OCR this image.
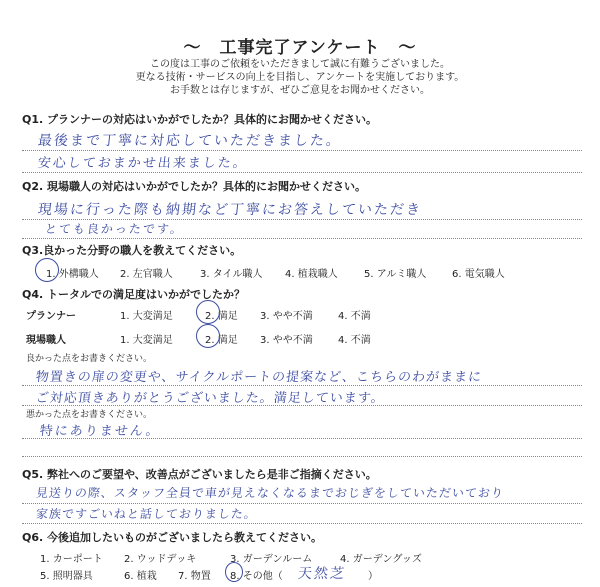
～　工事完了アンケート　～
この度は工事のご依頼をいただきまして誠に有難うございました。
更なる技術・サービスの向上を目指し、アンケートを実施しております。
お手数とは存じますが、ぜひご意見をお聞かせください。
Q1. プランナーの対応はいかがでしたか？具体的にお聞かせください。
最後まで丁寧に対応していただきました。
安心しておまかせ出来ました。
Q2. 現場職人の対応はいかがでしたか？具体的にお聞かせください。
現場に行った際も納期など丁寧にお答えしていただき
とても良かったです。
Q3.良かった分野の職人を教えてください。
1. 外構職人 2. 左官職人	3. タイル職人 4. 植栽職人	5. アルミ職人	6. 電気職人
Q4. トータルでの満足度はいかがでしたか？
プランナー	1. 大変満足	2. 満足 3. やや不満	4. 不満
現場職人	1. 大変満足	2. 満足 3. やや不満	4. 不満
良かった点をお書きください。
物置きの扉の変更や、サイクルポートの提案など、こちらのわがままに
ご対応頂きありがとうございました。満足しています。
悪かった点をお書きください。
特にありません。
Q5. 弊社へのご要望や、改善点がございましたら是非ご指摘ください。
見送りの際、スタッフ全員で車が見えなくなるまでおじぎをしていただいており
家族ですごいねと話しておりました。
Q6. 今後追加したいものがございましたら教えてください。
1. カーポート 2. ウッドデッキ	3. ガーデンルーム	4. ガーデングッズ
5. 照明器具	6. 植栽 7. 物置 8. その他（ 天然芝 ）
